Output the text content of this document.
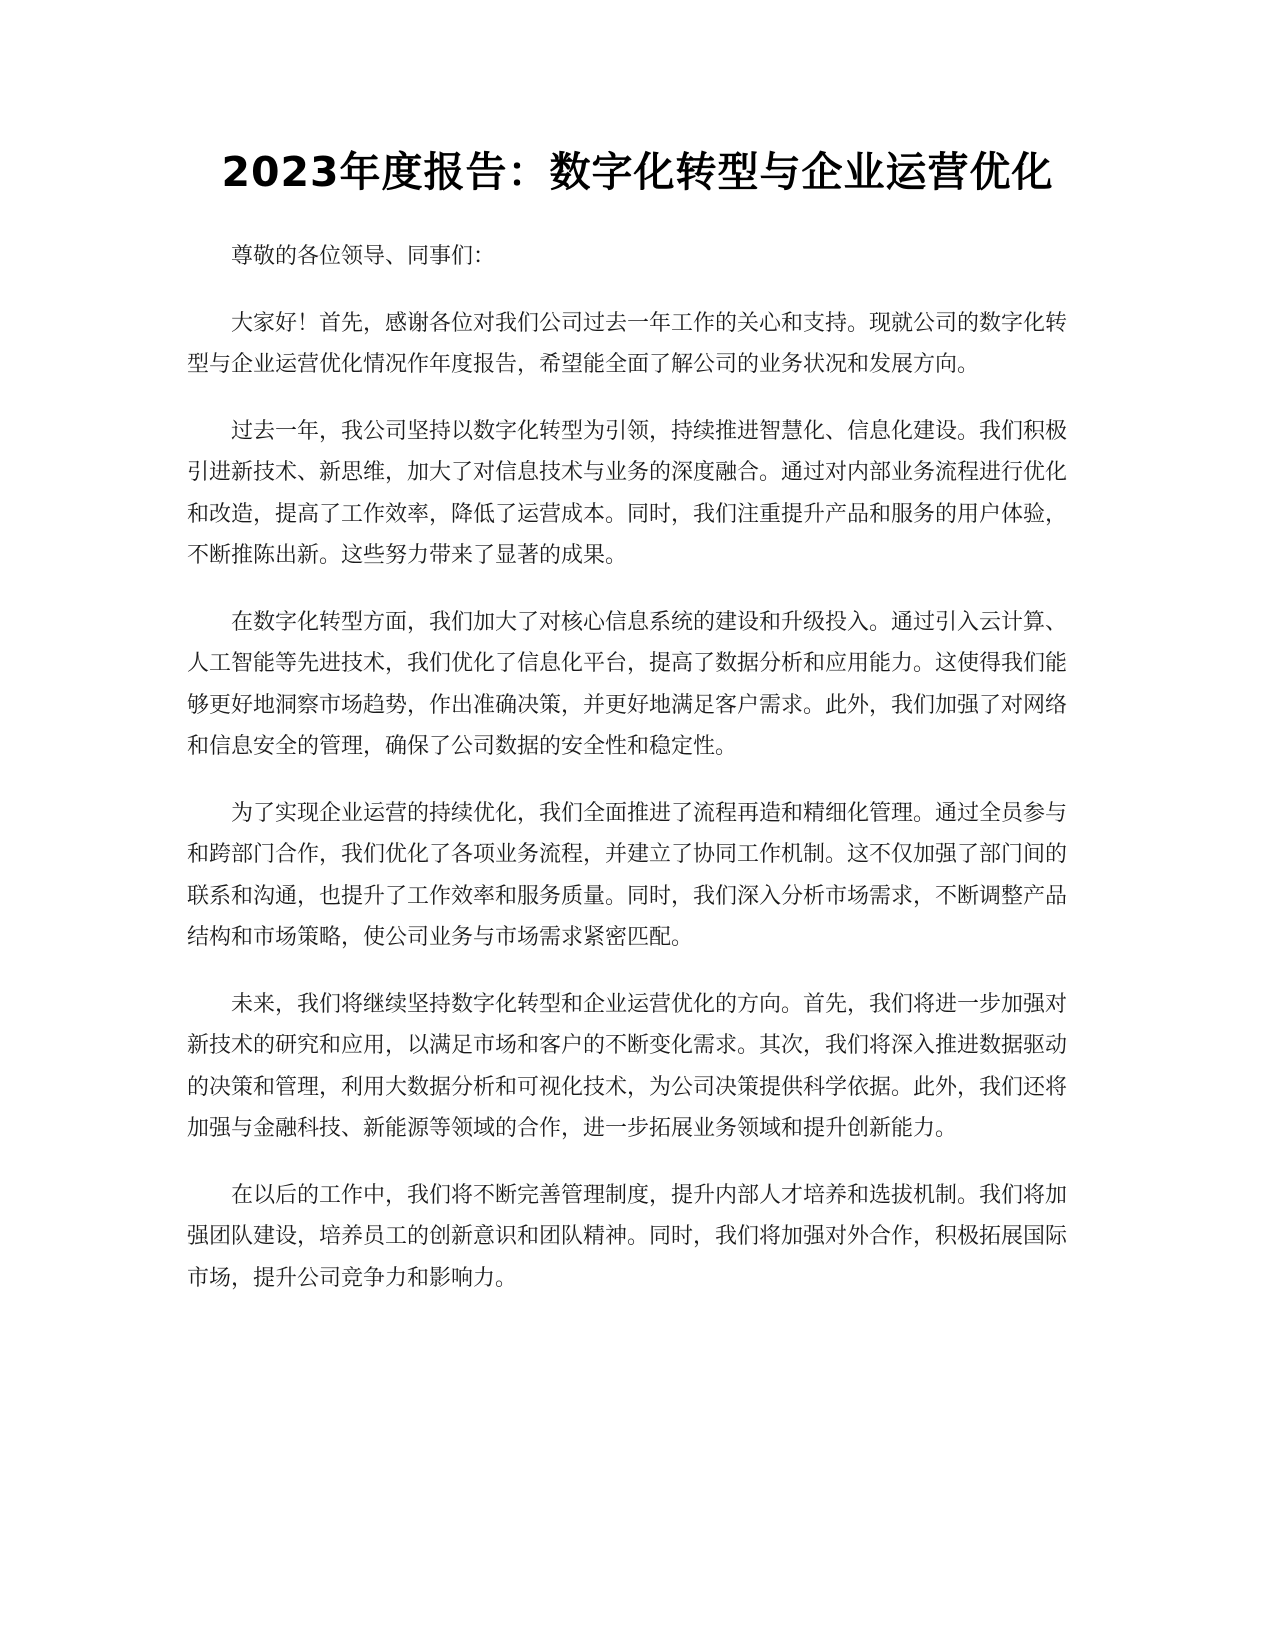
2023年度报告：数字化转型与企业运营优化

尊敬的各位领导、同事们：

大家好！首先，感谢各位对我们公司过去一年工作的关心和支持。现就公司的数字化转型与企业运营优化情况作年度报告，希望能全面了解公司的业务状况和发展方向。

过去一年，我公司坚持以数字化转型为引领，持续推进智慧化、信息化建设。我们积极引进新技术、新思维，加大了对信息技术与业务的深度融合。通过对内部业务流程进行优化和改造，提高了工作效率，降低了运营成本。同时，我们注重提升产品和服务的用户体验，不断推陈出新。这些努力带来了显著的成果。

在数字化转型方面，我们加大了对核心信息系统的建设和升级投入。通过引入云计算、人工智能等先进技术，我们优化了信息化平台，提高了数据分析和应用能力。这使得我们能够更好地洞察市场趋势，作出准确决策，并更好地满足客户需求。此外，我们加强了对网络和信息安全的管理，确保了公司数据的安全性和稳定性。

为了实现企业运营的持续优化，我们全面推进了流程再造和精细化管理。通过全员参与和跨部门合作，我们优化了各项业务流程，并建立了协同工作机制。这不仅加强了部门间的联系和沟通，也提升了工作效率和服务质量。同时，我们深入分析市场需求，不断调整产品结构和市场策略，使公司业务与市场需求紧密匹配。

未来，我们将继续坚持数字化转型和企业运营优化的方向。首先，我们将进一步加强对新技术的研究和应用，以满足市场和客户的不断变化需求。其次，我们将深入推进数据驱动的决策和管理，利用大数据分析和可视化技术，为公司决策提供科学依据。此外，我们还将加强与金融科技、新能源等领域的合作，进一步拓展业务领域和提升创新能力。

在以后的工作中，我们将不断完善管理制度，提升内部人才培养和选拔机制。我们将加强团队建设，培养员工的创新意识和团队精神。同时，我们将加强对外合作，积极拓展国际市场，提升公司竞争力和影响力。
